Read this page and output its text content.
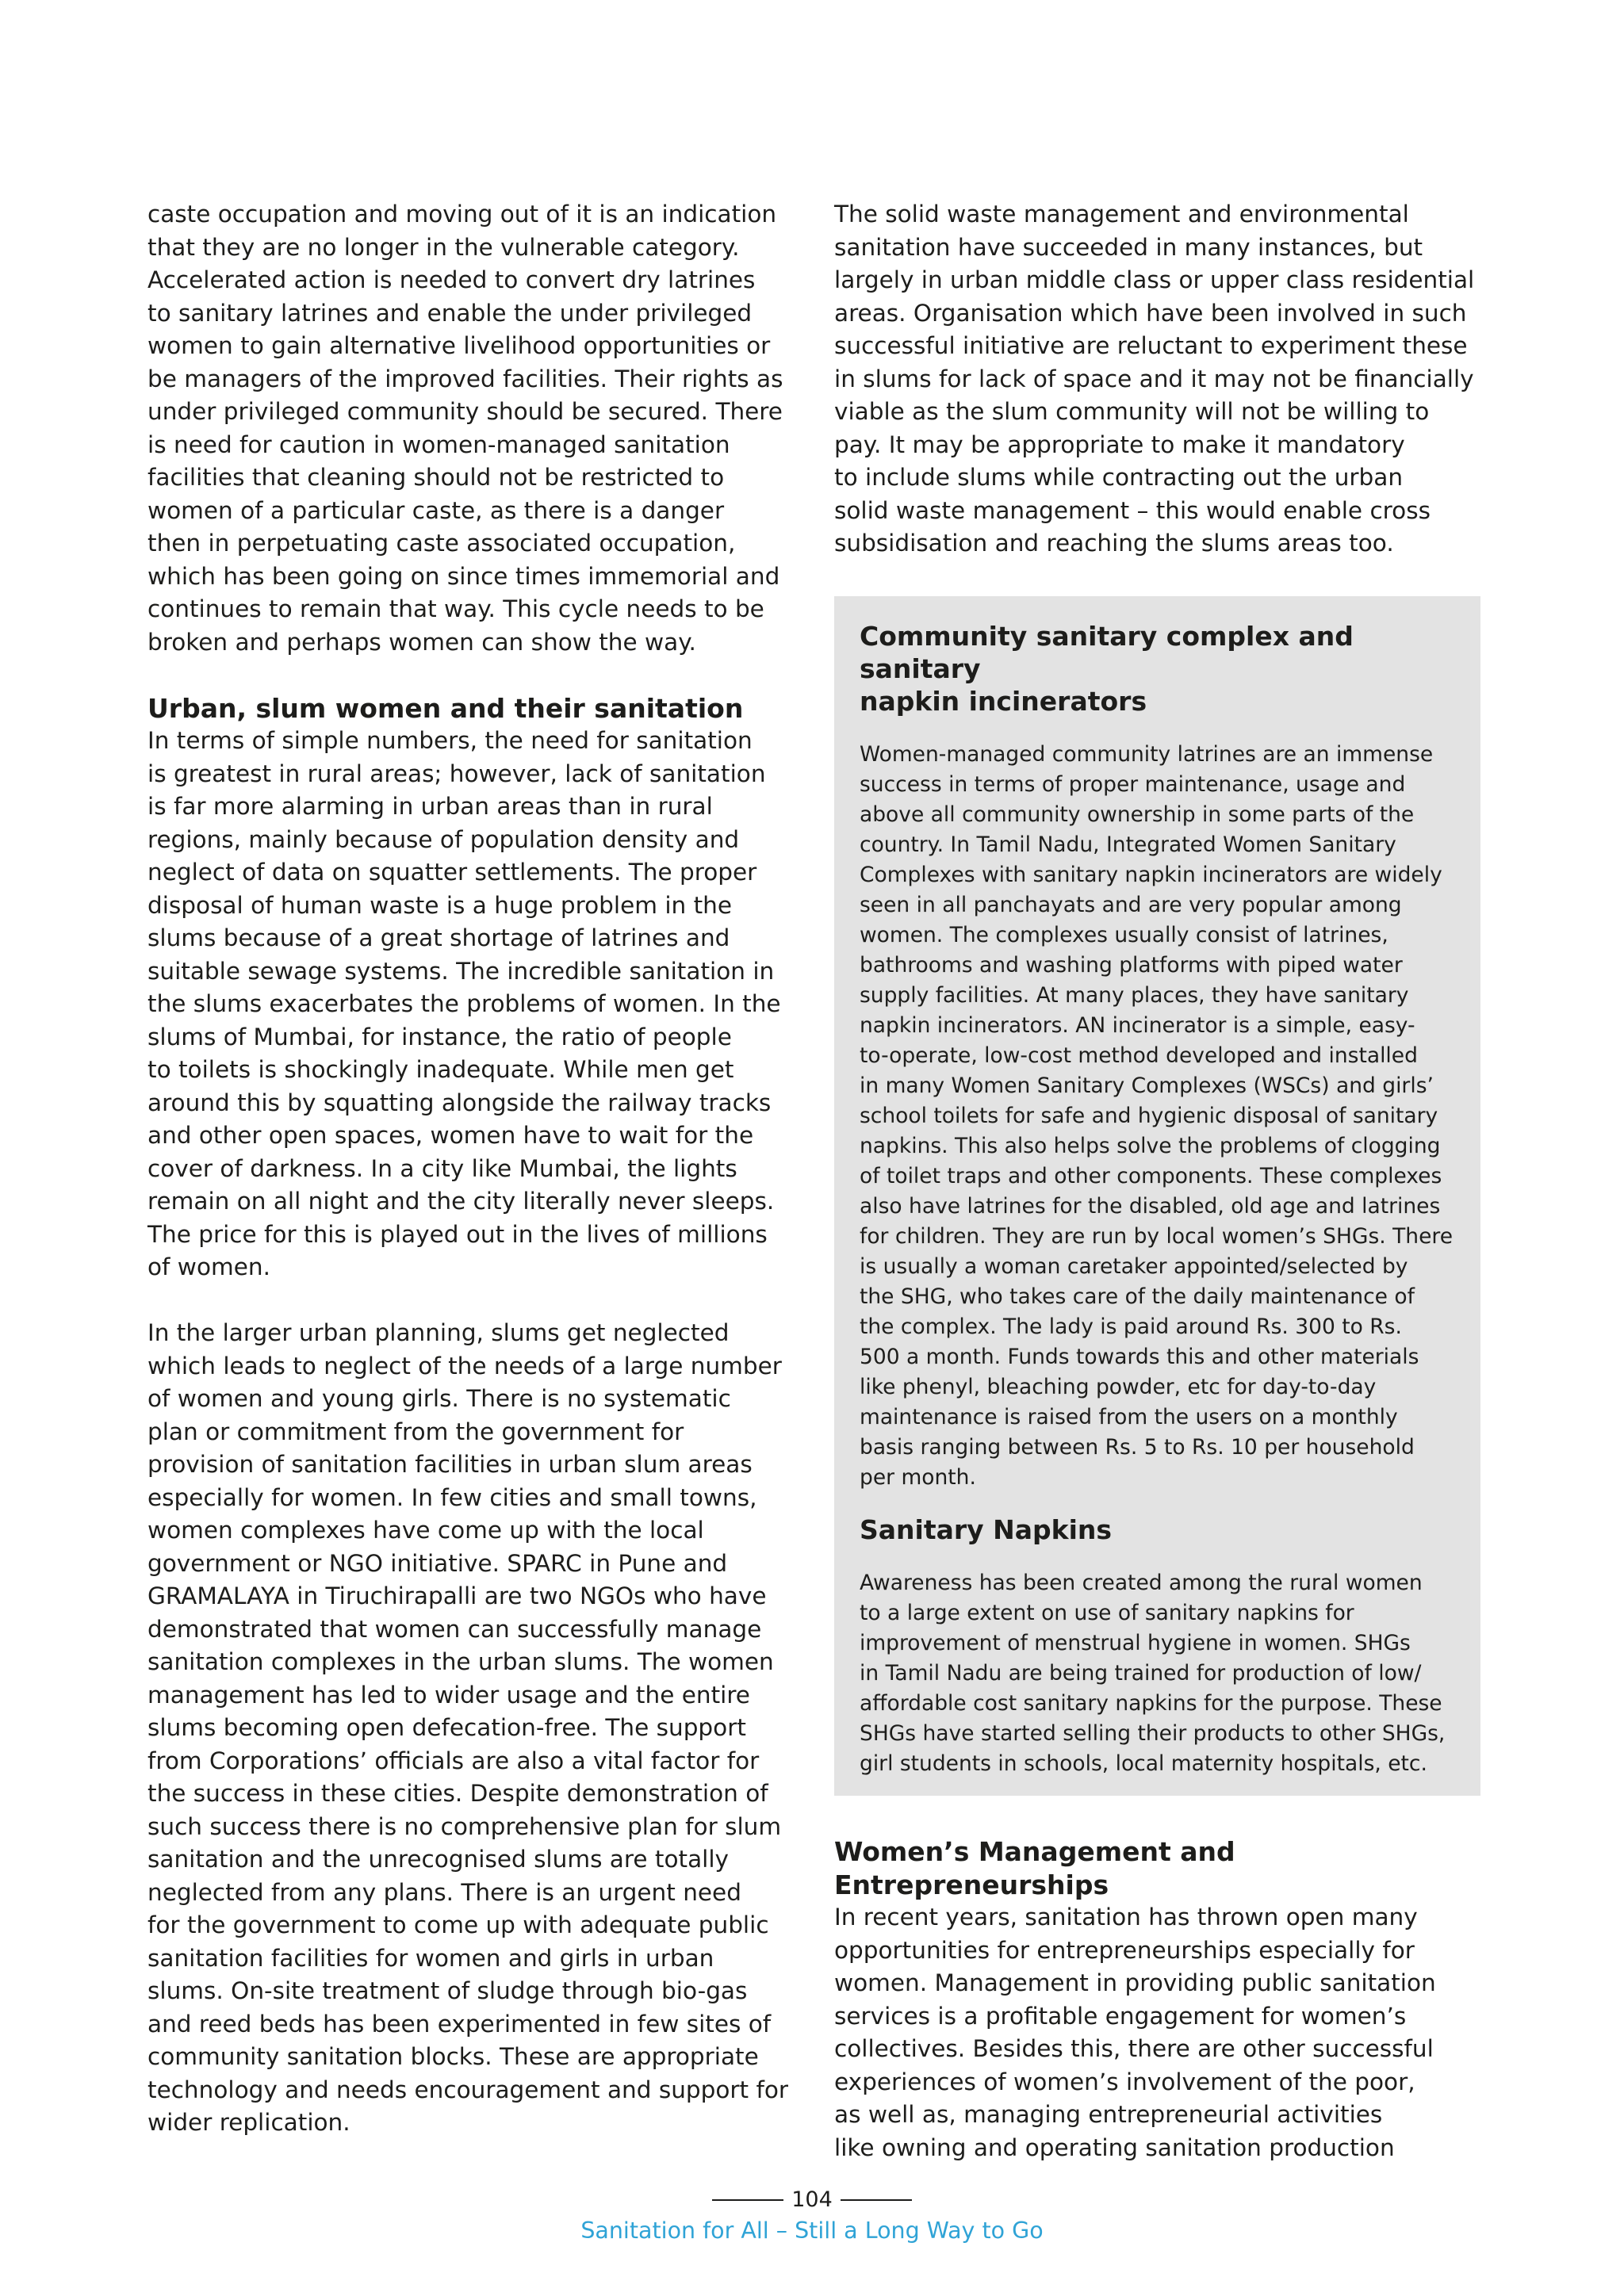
caste occupation and moving out of it is an indication
that they are no longer in the vulnerable category.
Accelerated action is needed to convert dry latrines
to sanitary latrines and enable the under privileged
women to gain alternative livelihood opportunities or
be managers of the improved facilities. Their rights as
under privileged community should be secured. There
is need for caution in women-managed sanitation
facilities that cleaning should not be restricted to
women of a particular caste, as there is a danger
then in perpetuating caste associated occupation,
which has been going on since times immemorial and
continues to remain that way. This cycle needs to be
broken and perhaps women can show the way.

Urban, slum women and their sanitation

In terms of simple numbers, the need for sanitation
is greatest in rural areas; however, lack of sanitation
is far more alarming in urban areas than in rural
regions, mainly because of population density and
neglect of data on squatter settlements. The proper
disposal of human waste is a huge problem in the
slums because of a great shortage of latrines and
suitable sewage systems. The incredible sanitation in
the slums exacerbates the problems of women. In the
slums of Mumbai, for instance, the ratio of people
to toilets is shockingly inadequate. While men get
around this by squatting alongside the railway tracks
and other open spaces, women have to wait for the
cover of darkness. In a city like Mumbai, the lights
remain on all night and the city literally never sleeps.
The price for this is played out in the lives of millions
of women.

In the larger urban planning, slums get neglected
which leads to neglect of the needs of a large number
of women and young girls. There is no systematic
plan or commitment from the government for
provision of sanitation facilities in urban slum areas
especially for women. In few cities and small towns,
women complexes have come up with the local
government or NGO initiative. SPARC in Pune and
GRAMALAYA in Tiruchirapalli are two NGOs who have
demonstrated that women can successfully manage
sanitation complexes in the urban slums. The women
management has led to wider usage and the entire
slums becoming open defecation-free. The support
from Corporations’ officials are also a vital factor for
the success in these cities. Despite demonstration of
such success there is no comprehensive plan for slum
sanitation and the unrecognised slums are totally
neglected from any plans. There is an urgent need
for the government to come up with adequate public
sanitation facilities for women and girls in urban
slums. On-site treatment of sludge through bio-gas
and reed beds has been experimented in few sites of
community sanitation blocks. These are appropriate
technology and needs encouragement and support for
wider replication.

The solid waste management and environmental
sanitation have succeeded in many instances, but
largely in urban middle class or upper class residential
areas. Organisation which have been involved in such
successful initiative are reluctant to experiment these
in slums for lack of space and it may not be financially
viable as the slum community will not be willing to
pay. It may be appropriate to make it mandatory
to include slums while contracting out the urban
solid waste management – this would enable cross
subsidisation and reaching the slums areas too.

Community sanitary complex and sanitary
napkin incinerators

Women-managed community latrines are an immense
success in terms of proper maintenance, usage and
above all community ownership in some parts of the
country. In Tamil Nadu, Integrated Women Sanitary
Complexes with sanitary napkin incinerators are widely
seen in all panchayats and are very popular among
women. The complexes usually consist of latrines,
bathrooms and washing platforms with piped water
supply facilities. At many places, they have sanitary
napkin incinerators. AN incinerator is a simple, easy-
to-operate, low-cost method developed and installed
in many Women Sanitary Complexes (WSCs) and girls’
school toilets for safe and hygienic disposal of sanitary
napkins. This also helps solve the problems of clogging
of toilet traps and other components. These complexes
also have latrines for the disabled, old age and latrines
for children. They are run by local women’s SHGs. There
is usually a woman caretaker appointed/selected by
the SHG, who takes care of the daily maintenance of
the complex. The lady is paid around Rs. 300 to Rs.
500 a month. Funds towards this and other materials
like phenyl, bleaching powder, etc for day-to-day
maintenance is raised from the users on a monthly
basis ranging between Rs. 5 to Rs. 10 per household
per month.

Sanitary Napkins

Awareness has been created among the rural women
to a large extent on use of sanitary napkins for
improvement of menstrual hygiene in women. SHGs
in Tamil Nadu are being trained for production of low/
affordable cost sanitary napkins for the purpose. These
SHGs have started selling their products to other SHGs,
girl students in schools, local maternity hospitals, etc.

Women’s Management and Entrepreneurships

In recent years, sanitation has thrown open many
opportunities for entrepreneurships especially for
women. Management in providing public sanitation
services is a profitable engagement for women’s
collectives. Besides this, there are other successful
experiences of women’s involvement of the poor,
as well as, managing entrepreneurial activities
like owning and operating sanitation production

104
Sanitation for All – Still a Long Way to Go
